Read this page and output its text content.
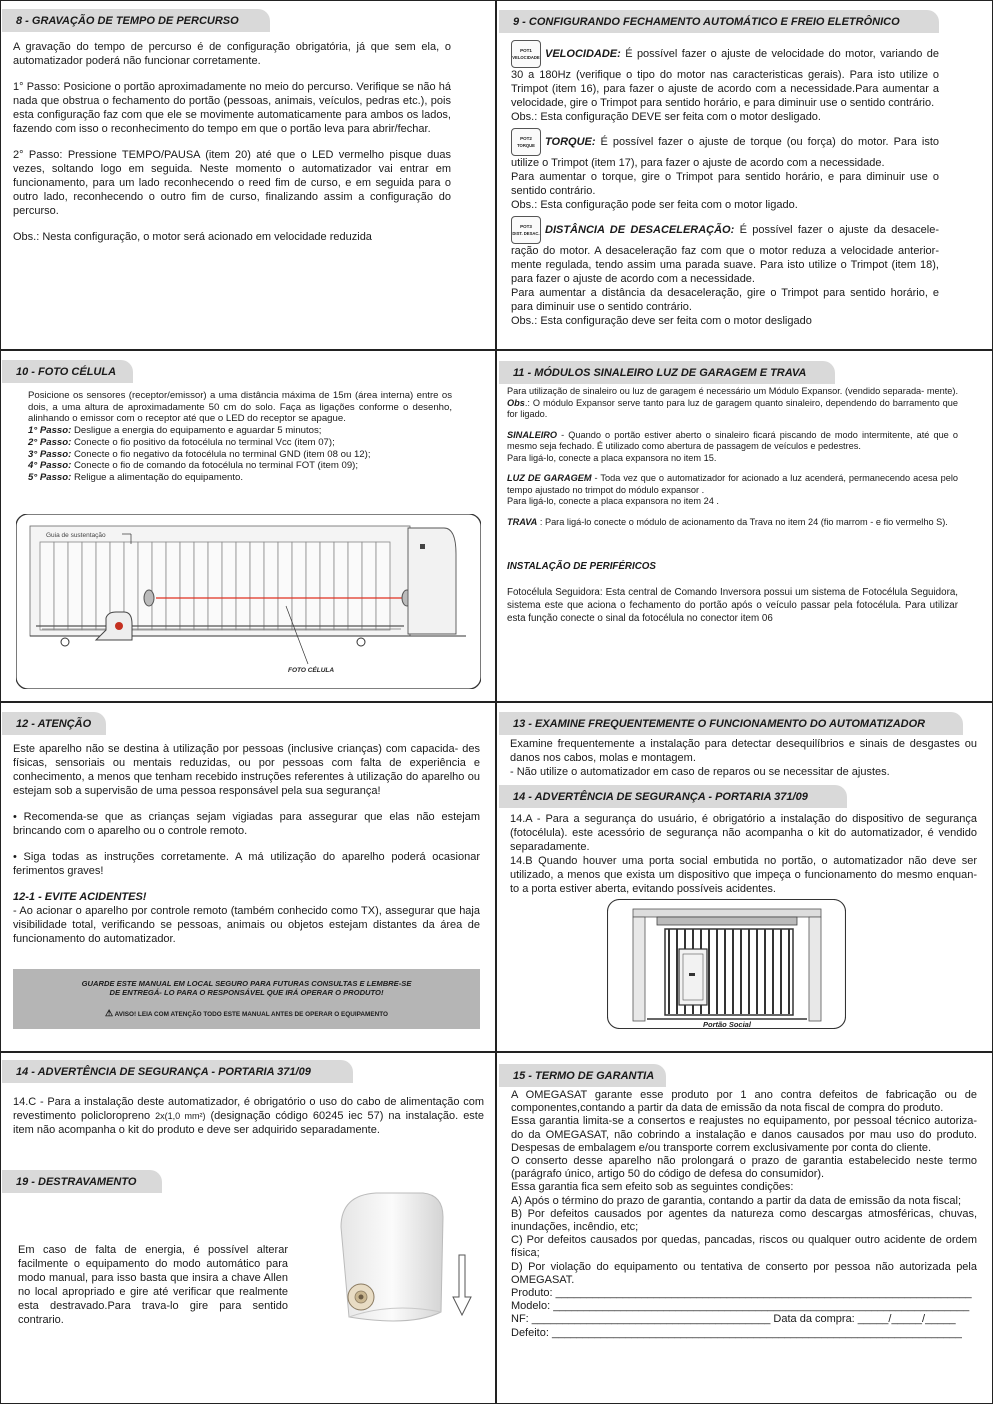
8 - GRAVAÇÃO DE TEMPO DE PERCURSO

A gravação do tempo de percurso é de configuração obrigatória, já que sem ela, o automatizador poderá não funcionar corretamente.

1° Passo: Posicione o portão aproximadamente no meio do percurso. Verifique se não há nada que obstrua o fechamento do portão (pessoas, animais, veículos, pedras etc.), pois esta configuração faz com que ele se movimente automaticamente para ambos os lados, fazendo com isso o reconhecimento do tempo em que o portão leva para abrir/fechar.

2° Passo: Pressione TEMPO/PAUSA (item 20) até que o LED vermelho pisque duas vezes, soltando logo em seguida. Neste momento o automatizador vai entrar em funcionamento, para um lado reconhecendo o reed fim de curso, e em seguida para o outro lado, reconhecendo o outro fim de curso, finalizando assim a configuração do percurso.

Obs.: Nesta configuração, o motor será acionado em velocidade reduzida

9 - CONFIGURANDO FECHAMENTO AUTOMÁTICO E FREIO ELETRÔNICO
POT1
VELOCIDADE VELOCIDADE: É possível fazer o ajuste de velocidade do motor, variando de 30 a 180Hz (verifique o tipo do motor nas caracteristicas gerais). Para isto utilize o Trimpot (item 16), para fazer o ajuste de acordo com a necessidade.Para aumentar a velocidade, gire o Trimpot para sentido horário, e para diminuir use o sentido contrário.
Obs.: Esta configuração DEVE ser feita com o motor desligado.
POT2
TORQUE TORQUE: É possível fazer o ajuste de torque (ou força) do motor. Para isto utilize o Trimpot (item 17), para fazer o ajuste de acordo com a necessidade.
Para aumentar o torque, gire o Trimpot para sentido horário, e para diminuir use o sentido contrário.
Obs.: Esta configuração pode ser feita com o motor ligado.
POT3
DIST. DESAC. DISTÂNCIA DE DESACELERAÇÃO: É possível fazer o ajuste da desacele- ração do motor. A desaceleração faz com que o motor reduza a velocidade anterior- mente regulada, tendo assim uma parada suave. Para isto utilize o Trimpot (item 18), para fazer o ajuste de acordo com a necessidade.
Para aumentar a distância da desaceleração, gire o Trimpot para sentido horário, e para diminuir use o sentido contrário.
Obs.: Esta configuração deve ser feita com o motor desligado
10 - FOTO CÉLULA
Posicione os sensores (receptor/emissor) a uma distância máxima de 15m (área interna) entre os dois, a uma altura de aproximadamente 50 cm do solo. Faça as ligações conforme o desenho, alinhando o emissor com o receptor até que o LED do receptor se apague.
1° Passo: Desligue a energia do equipamento e aguardar 5 minutos;
2° Passo: Conecte o fio positivo da fotocélula no terminal Vcc (item 07);
3° Passo: Conecte o fio negativo da fotocélula no terminal GND (item 08 ou 12);
4° Passo: Conecte o fio de comando da fotocélula no terminal FOT (item 09);
5° Passo: Religue a alimentação do equipamento.
Guia de sustentação
FOTO CÉLULA
11 - MÓDULOS SINALEIRO LUZ DE GARAGEM E TRAVA

Para utilização de sinaleiro ou luz de garagem é necessário um Módulo Expansor. (vendido separada- mente). Obs.: O módulo Expansor serve tanto para luz de garagem quanto sinaleiro, dependendo do barramento que for ligado.

SINALEIRO - Quando o portão estiver aberto o sinaleiro ficará piscando de modo intermitente, até que o mesmo seja fechado. É utilizado como abertura de passagem de veículos e pedestres.
Para ligá-lo, conecte a placa expansora no item 15.

LUZ DE GARAGEM - Toda vez que o automatizador for acionado a luz acenderá, permanecendo acesa pelo tempo ajustado no trimpot do módulo expansor .
Para ligá-lo, conecte a placa expansora no item 24 .

TRAVA : Para ligá-lo conecte o módulo de acionamento da Trava no item 24 (fio marrom - e fio vermelho S).

INSTALAÇÃO DE PERIFÉRICOS
Fotocélula Seguidora: Esta central de Comando Inversora possui um sistema de Fotocélula Seguidora, sistema este que aciona o fechamento do portão após o veículo passar pela fotocélula. Para utilizar esta função conecte o sinal da fotocélula no conector item 06
12 - ATENÇÃO

Este aparelho não se destina à utilização por pessoas (inclusive crianças) com capacida- des físicas, sensoriais ou mentais reduzidas, ou por pessoas com falta de experiência e conhecimento, a menos que tenham recebido instruções referentes à utilização do aparelho ou estejam sob a supervisão de uma pessoa responsável pela sua segurança!

• Recomenda-se que as crianças sejam vigiadas para assegurar que elas não estejam brincando com o aparelho ou o controle remoto.

• Siga todas as instruções corretamente. A má utilização do aparelho poderá ocasionar ferimentos graves!

12-1 - EVITE ACIDENTES!
- Ao acionar o aparelho por controle remoto (também conhecido como TX), assegurar que haja visibilidade total, verificando se pessoas, animais ou objetos estejam distantes da área de funcionamento do automatizador.
GUARDE ESTE MANUAL EM LOCAL SEGURO PARA FUTURAS CONSULTAS E LEMBRE-SE
DE ENTREGÁ- LO PARA O RESPONSÁVEL QUE IRÁ OPERAR O PRODUTO!
⚠ AVISO! LEIA COM ATENÇÃO TODO ESTE MANUAL ANTES DE OPERAR O EQUIPAMENTO
13 - EXAMINE FREQUENTEMENTE O FUNCIONAMENTO DO AUTOMATIZADOR
Examine frequentemente a instalação para detectar desequilíbrios e sinais de desgastes ou danos nos cabos, molas e montagem.
- Não utilize o automatizador em caso de reparos ou se necessitar de ajustes.
14 - ADVERTÊNCIA DE SEGURANÇA - PORTARIA 371/09
14.A - Para a segurança do usuário, é obrigatório a instalação do dispositivo de segurança (fotocélula). este acessório de segurança não acompanha o kit do automatizador, é vendido separadamente.
14.B Quando houver uma porta social embutida no portão, o automatizador não deve ser utilizado, a menos que exista um dispositivo que impeça o funcionamento do mesmo enquan- to a porta estiver aberta, evitando possíveis acidentes.
Portão Social
14 - ADVERTÊNCIA DE SEGURANÇA - PORTARIA 371/09
14.C - Para a instalação deste automatizador, é obrigatório o uso do cabo de alimentação com revestimento policloropreno 2x(1,0 mm²) (designação código 60245 iec 57) na instalação. este item não acompanha o kit do produto e deve ser adquirido separadamente.
19 - DESTRAVAMENTO
Em caso de falta de energia, é possível alterar facilmente o equipamento do modo automático para modo manual, para isso basta que insira a chave Allen no local apropriado e gire até verificar que realmente esta destravado.Para trava-lo gire para sentido contrario.
15 - TERMO DE GARANTIA
A OMEGASAT garante esse produto por 1 ano contra defeitos de fabricação ou de componentes,contando a partir da data de emissão da nota fiscal de compra do produto.
Essa garantia limita-se a consertos e reajustes no equipamento, por pessoal técnico autoriza- do da OMEGASAT, não cobrindo a instalação e danos causados por mau uso do produto. Despesas de embalagem e/ou transporte correm exclusivamente por conta do cliente.
O conserto desse aparelho não prolongará o prazo de garantia estabelecido neste termo (parágrafo único, artigo 50 do código de defesa do consumidor).
Essa garantia fica sem efeito sob as seguintes condições:
A) Após o término do prazo de garantia, contando a partir da data de emissão da nota fiscal;
B) Por defeitos causados por agentes da natureza como descargas atmosféricas, chuvas, inundações, incêndio, etc;
C) Por defeitos causados por quedas, pancadas, riscos ou qualquer outro acidente de ordem física;
D) Por violação do equipamento ou tentativa de conserto por pessoa não autorizada pela OMEGASAT.
Produto: ____________________________________________________________________
Modelo: ____________________________________________________________________
NF: _______________________________________ Data da compra: _____/_____/_____
Defeito: ___________________________________________________________________
